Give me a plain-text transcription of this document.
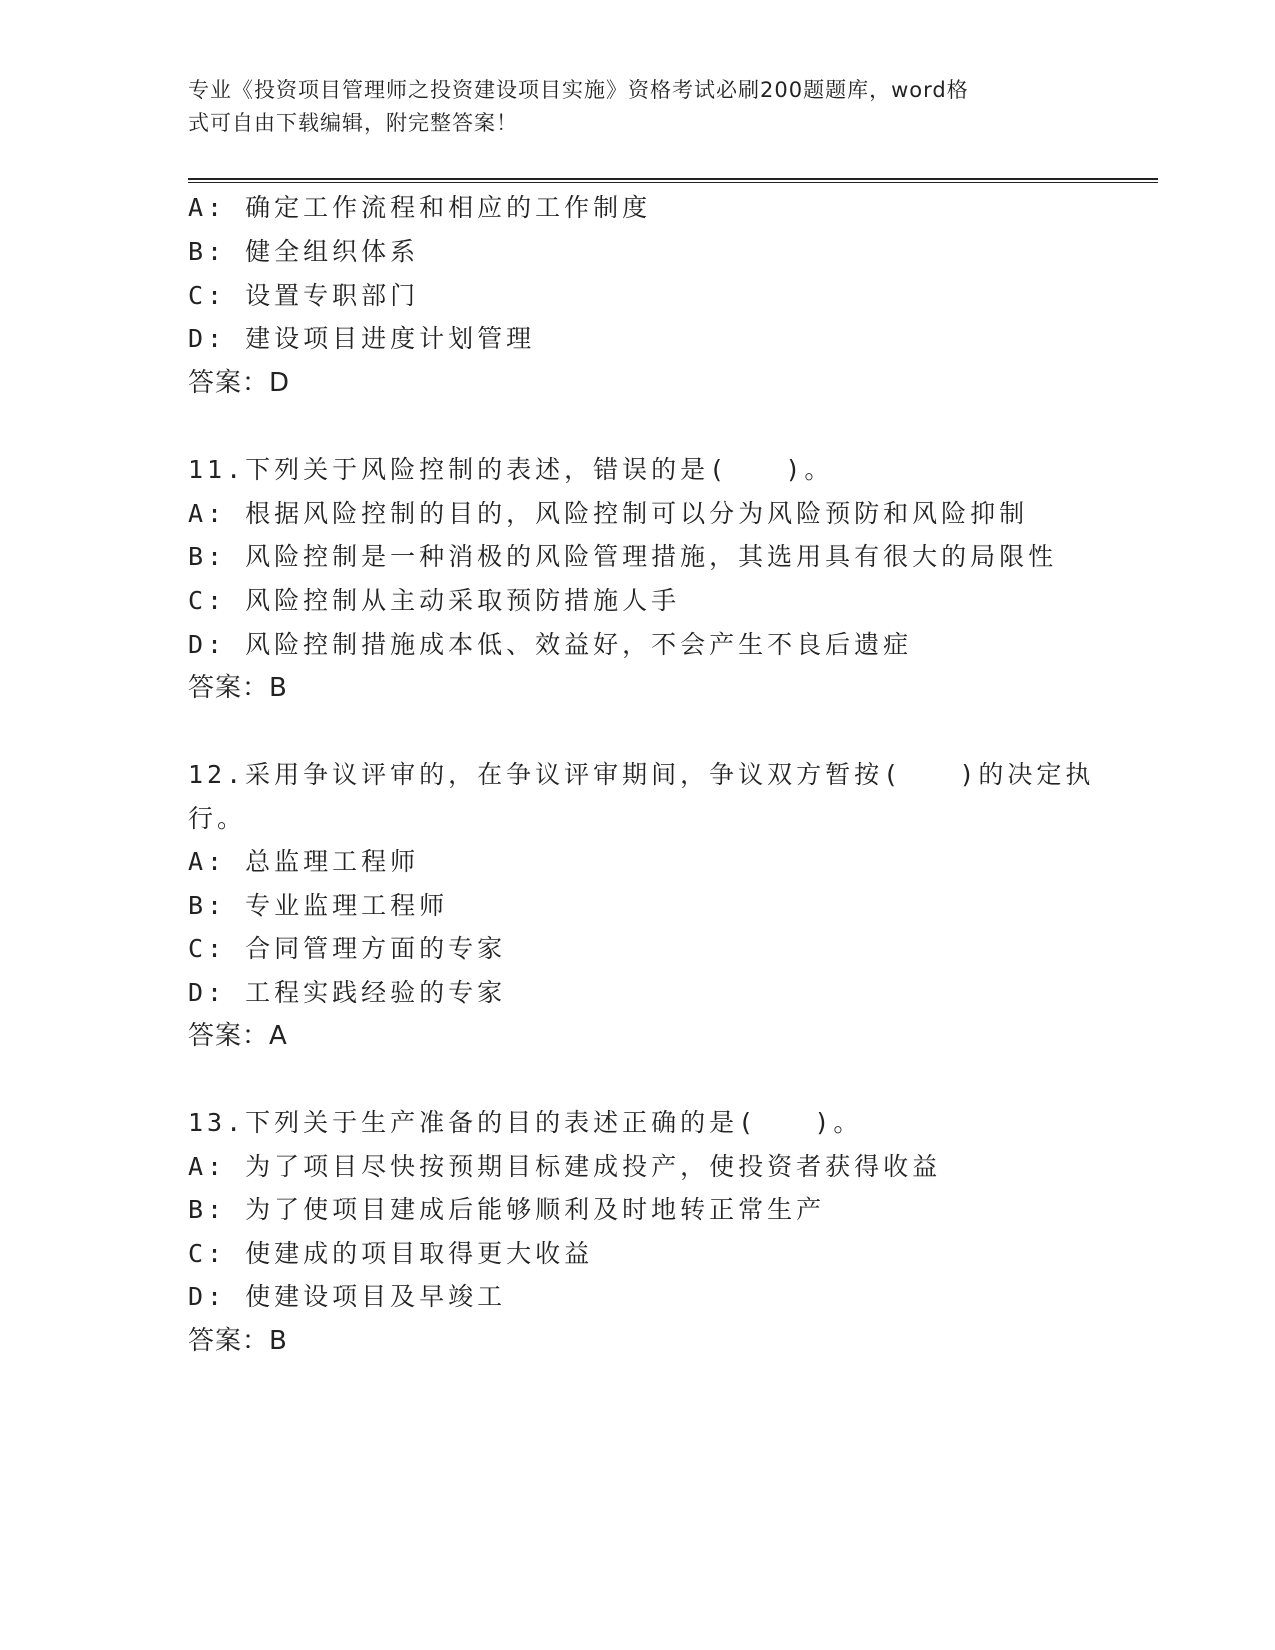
专业《投资项目管理师之投资建设项目实施》资格考试必刷200题题库，word格
式可自由下载编辑，附完整答案！
A: 确定工作流程和相应的工作制度
B: 健全组织体系
C: 设置专职部门
D: 建设项目进度计划管理
答案：D
11.下列关于风险控制的表述，错误的是(   )。
A: 根据风险控制的目的，风险控制可以分为风险预防和风险抑制
B: 风险控制是一种消极的风险管理措施，其选用具有很大的局限性
C: 风险控制从主动采取预防措施人手
D: 风险控制措施成本低、效益好，不会产生不良后遗症
答案：B
12.采用争议评审的，在争议评审期间，争议双方暂按(   )的决定执
行。
A: 总监理工程师
B: 专业监理工程师
C: 合同管理方面的专家
D: 工程实践经验的专家
答案：A
13.下列关于生产准备的目的表述正确的是(   )。
A: 为了项目尽快按预期目标建成投产，使投资者获得收益
B: 为了使项目建成后能够顺利及时地转正常生产
C: 使建成的项目取得更大收益
D: 使建设项目及早竣工
答案：B
